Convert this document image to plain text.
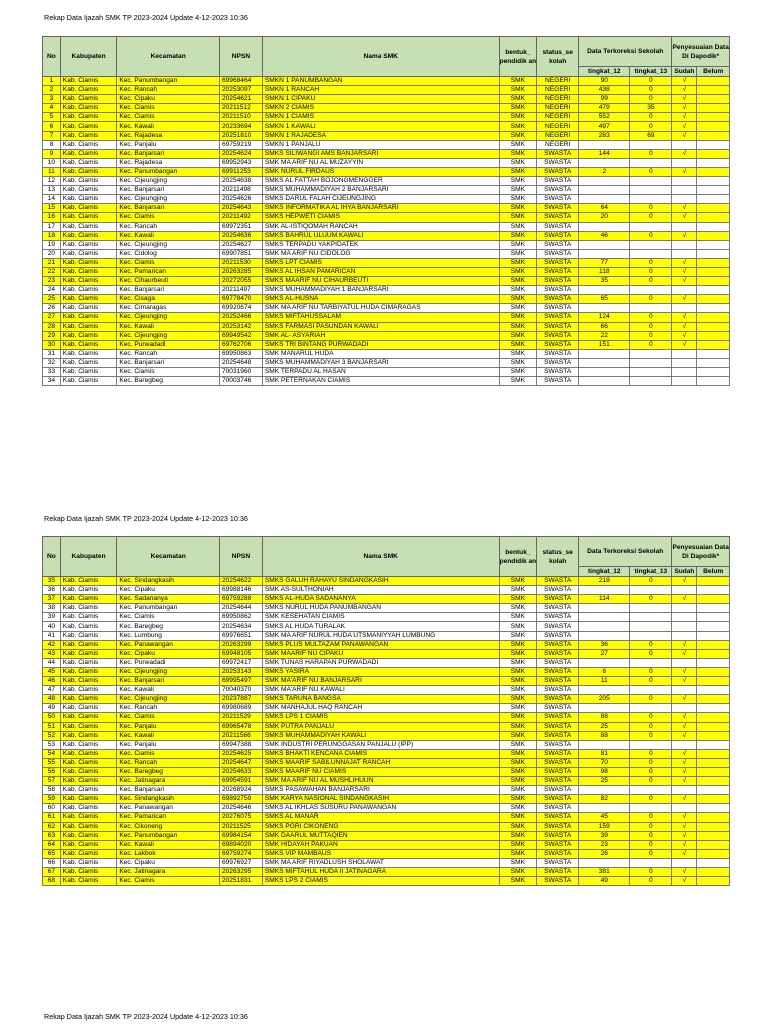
Rekap Data Ijazah SMK TP 2023-2024 Update 4-12-2023 10:36
No	Kabupaten	Kecamatan	NPSN	Nama SMK	bentuk_ pendidik an	status_se kolah	Data Terkoreksi Sekolah		Penyesuaian Data Di Dapodik*	
							tingkat_12	tingkat_13	Sudah	Belum
1	Kab. Ciamis	Kec. Panumbangan	69968464	SMKN 1 PANUMBANGAN	SMK	NEGERI	90	0	√	
2	Kab. Ciamis	Kec. Rancah	20253097	SMKN 1 RANCAH	SMK	NEGERI	438	0	√	
3	Kab. Ciamis	Kec. Cipaku	20254621	SMKN 1 CIPAKU	SMK	NEGERI	99	0	√	
4	Kab. Ciamis	Kec. Ciamis	20211512	SMKN 2 CIAMIS	SMK	NEGERI	479	35	√	
5	Kab. Ciamis	Kec. Ciamis	20211510	SMKN 1 CIAMIS	SMK	NEGERI	552	0	√	
6	Kab. Ciamis	Kec. Kawali	20233694	SMKN 1 KAWALI	SMK	NEGERI	497	0	√	
7	Kab. Ciamis	Kec. Rajadesa	20251810	SMKN 1 RAJADESA	SMK	NEGERI	283	69	√	
8	Kab. Ciamis	Kec. Panjalu	69759219	SMKN 1 PANJALU	SMK	NEGERI				
9	Kab. Ciamis	Kec. Banjarsari	20254624	SMKS SILIWANGI AMS BANJARSARI	SMK	SWASTA	144	0	√	
10	Kab. Ciamis	Kec. Rajadesa	69952943	SMK MA ARIF NU AL MUZAYYIN	SMK	SWASTA				
11	Kab. Ciamis	Kec. Panumbangan	69911253	SMK NURUL FIRDAUS	SMK	SWASTA	2	0	√	
12	Kab. Ciamis	Kec. Cijeungjing	20254638	SMKS AL FATTAH BOJONGMENGGER	SMK	SWASTA				
13	Kab. Ciamis	Kec. Banjarsari	20211498	SMKS MUHAMMADIYAH 2 BANJARSARI	SMK	SWASTA				
14	Kab. Ciamis	Kec. Cijeungjing	20254626	SMKS DARUL FALAH CIJEUNGJING	SMK	SWASTA				
15	Kab. Ciamis	Kec. Banjarsari	20254643	SMKS INFORMATIKA AL IHYA BANJARSARI	SMK	SWASTA	64	0	√	
16	Kab. Ciamis	Kec. Ciamis	20211492	SMKS HEPWETI CIAMIS	SMK	SWASTA	20	0	√	
17	Kab. Ciamis	Kec. Rancah	69972351	SMK AL-ISTIQOMAH RANCAH	SMK	SWASTA				
18	Kab. Ciamis	Kec. Kawali	20254636	SMKS BAHRUL ULUUM KAWALI	SMK	SWASTA	46	0	√	
19	Kab. Ciamis	Kec. Cijeungjing	20254627	SMKS TERPADU YAKPIDATEK	SMK	SWASTA				
20	Kab. Ciamis	Kec. Cidolog	69907851	SMK MA ARIF NU CIDOLOG	SMK	SWASTA				
21	Kab. Ciamis	Kec. Ciamis	20211530	SMKS LPT CIAMIS	SMK	SWASTA	77	0	√	
22	Kab. Ciamis	Kec. Pamarican	20263285	SMKS AL IHSAN PAMARICAN	SMK	SWASTA	118	0	√	
23	Kab. Ciamis	Kec. Cihaurbeuti	20272055	SMKS MAARIF NU CIHAURBEUTI	SMK	SWASTA	35	0	√	
24	Kab. Ciamis	Kec. Banjarsari	20211497	SMKS MUHAMMADIYAH 1 BANJARSARI	SMK	SWASTA				
25	Kab. Ciamis	Kec. Cisaga	69778470	SMKS AL-HUSNA	SMK	SWASTA	65	0	√	
26	Kab. Ciamis	Kec. Cimaragas	69920674	SMK MA ARIF NU TARBIYATUL HUDA CIMARAGAS	SMK	SWASTA				
27	Kab. Ciamis	Kec. Cijeungjing	20252466	SMKS MIFTAHUSSALAM	SMK	SWASTA	124	0	√	
28	Kab. Ciamis	Kec. Kawali	20253142	SMKS FARMASI PASUNDAN KAWALI	SMK	SWASTA	66	0	√	
29	Kab. Ciamis	Kec. Cijeungjing	69949542	SMK AL- ASYARIAH	SMK	SWASTA	22	0	√	
30	Kab. Ciamis	Kec. Purwadadi	69762706	SMKS TRI BINTANG PURWADADI	SMK	SWASTA	151	0	√	
31	Kab. Ciamis	Kec. Rancah	69950863	SMK MANARUL HUDA	SMK	SWASTA				
32	Kab. Ciamis	Kec. Banjarsari	20254648	SMKS MUHAMMADIYAH 3 BANJARSARI	SMK	SWASTA				
33	Kab. Ciamis	Kec. Ciamis	70031960	SMK TERPADU AL HASAN	SMK	SWASTA				
34	Kab. Ciamis	Kec. Baregbeg	70003746	SMK PETERNAKAN CIAMIS	SMK	SWASTA				
Rekap Data Ijazah SMK TP 2023-2024 Update 4-12-2023 10:36
No	Kabupaten	Kecamatan	NPSN	Nama SMK	bentuk_ pendidik an	status_se kolah	Data Terkoreksi Sekolah		Penyesuaian Data Di Dapodik*	
							tingkat_12	tingkat_13	Sudah	Belum
35	Kab. Ciamis	Kec. Sindangkasih	20254622	SMKS GALUH RAHAYU SINDANGKASIH	SMK	SWASTA	218	0	√	
36	Kab. Ciamis	Kec. Cipaku	69988146	SMK AS-SULTHONIAH	SMK	SWASTA				
37	Kab. Ciamis	Kec. Sadananya	69759288	SMKS AL-HUDA SADANANYA	SMK	SWASTA	114	0	√	
38	Kab. Ciamis	Kec. Panumbangan	20254644	SMKS NURUL HUDA PANUMBANGAN	SMK	SWASTA				
39	Kab. Ciamis	Kec. Ciamis	69950862	SMK KESEHATAN CIAMIS	SMK	SWASTA				
40	Kab. Ciamis	Kec. Baregbeg	20254634	SMKS AL HUDA TURALAK	SMK	SWASTA				
41	Kab. Ciamis	Kec. Lumbung	69976651	SMK MA ARIF NURUL HUDA UTSMANIYYAH LUMBUNG	SMK	SWASTA				
42	Kab. Ciamis	Kec. Panawangan	20263299	SMKS PLUS MULTAZAM PANAWANGAN	SMK	SWASTA	36	0	√	
43	Kab. Ciamis	Kec. Cipaku	69948105	SMK MAARIF NU CIPAKU	SMK	SWASTA	27	0	√	
44	Kab. Ciamis	Kec. Purwadadi	69972417	SMK TUNAS HARAPAN PURWADADI	SMK	SWASTA				
45	Kab. Ciamis	Kec. Cijeungjing	20253143	SMKS YASIRA	SMK	SWASTA	6	0	√	
46	Kab. Ciamis	Kec. Banjarsari	69995497	SMK MA'ARIF NU BANJARSARI	SMK	SWASTA	11	0	√	
47	Kab. Ciamis	Kec. Kawali	70040370	SMK MA'ARIF NU KAWALI	SMK	SWASTA				
48	Kab. Ciamis	Kec. Cijeungjing	20237887	SMKS TARUNA BANGSA	SMK	SWASTA	205	0	√	
49	Kab. Ciamis	Kec. Rancah	69980689	SMK MANHAJUL HAQ RANCAH	SMK	SWASTA				
50	Kab. Ciamis	Kec. Ciamis	20211529	SMKS LPS 1 CIAMIS	SMK	SWASTA	88	0	√	
51	Kab. Ciamis	Kec. Panjalu	69965478	SMK PUTRA PANJALU	SMK	SWASTA	25	0	√	
52	Kab. Ciamis	Kec. Kawali	20211566	SMKS MUHAMMADIYAH KAWALI	SMK	SWASTA	88	0	√	
53	Kab. Ciamis	Kec. Panjalu	69947388	SMK INDUSTRI PERUNGGASAN PANJALU (IPP)	SMK	SWASTA				
54	Kab. Ciamis	Kec. Ciamis	20254625	SMKS BHAKTI KENCANA CIAMIS	SMK	SWASTA	81	0	√	
55	Kab. Ciamis	Kec. Rancah	20254647	SMKS MAARIF SABILUNNAJAT RANCAH	SMK	SWASTA	70	0	√	
56	Kab. Ciamis	Kec. Baregbeg	20254633	SMKS MAARIF NU CIAMIS	SMK	SWASTA	98	0	√	
57	Kab. Ciamis	Kec. Jatinagara	69954591	SMK MA ARIF NU AL MUSHLIHUUN	SMK	SWASTA	25	0	√	
58	Kab. Ciamis	Kec. Banjarsari	20268924	SMKS PASAWAHAN BANJARSARI	SMK	SWASTA				
59	Kab. Ciamis	Kec. Sindangkasih	69892759	SMK KARYA NASIONAL SINDANGKASIH	SMK	SWASTA	82	0	√	
60	Kab. Ciamis	Kec. Panawangan	20254646	SMKS AL IKHLAS SUSURU PANAWANGAN	SMK	SWASTA				
61	Kab. Ciamis	Kec. Pamarican	20276075	SMKS AL MANAR	SMK	SWASTA	45	0	√	
62	Kab. Ciamis	Kec. Cikoneng	20211525	SMKS PGRI CIKONENG	SMK	SWASTA	159	0	√	
63	Kab. Ciamis	Kec. Panumbangan	69984154	SMK DAARUL MUTTAQIEN	SMK	SWASTA	39	0	√	
64	Kab. Ciamis	Kec. Kawali	69894020	SMK HIDAYAH PAKUAN	SMK	SWASTA	23	0	√	
65	Kab. Ciamis	Kec. Lakbok	69759274	SMKS VIP MAMBAUS	SMK	SWASTA	26	0	√	
66	Kab. Ciamis	Kec. Cipaku	69976927	SMK MA ARIF RIYADLUSH SHOLAWAT	SMK	SWASTA				
67	Kab. Ciamis	Kec. Jatinagara	20263295	SMKS MIFTAHUL HUDA II JATINAGARA	SMK	SWASTA	381	0	√	
68	Kab. Ciamis	Kec. Ciamis	20251831	SMKS LPS 2 CIAMIS	SMK	SWASTA	49	0	√	
Rekap Data Ijazah SMK TP 2023-2024 Update 4-12-2023 10:36
